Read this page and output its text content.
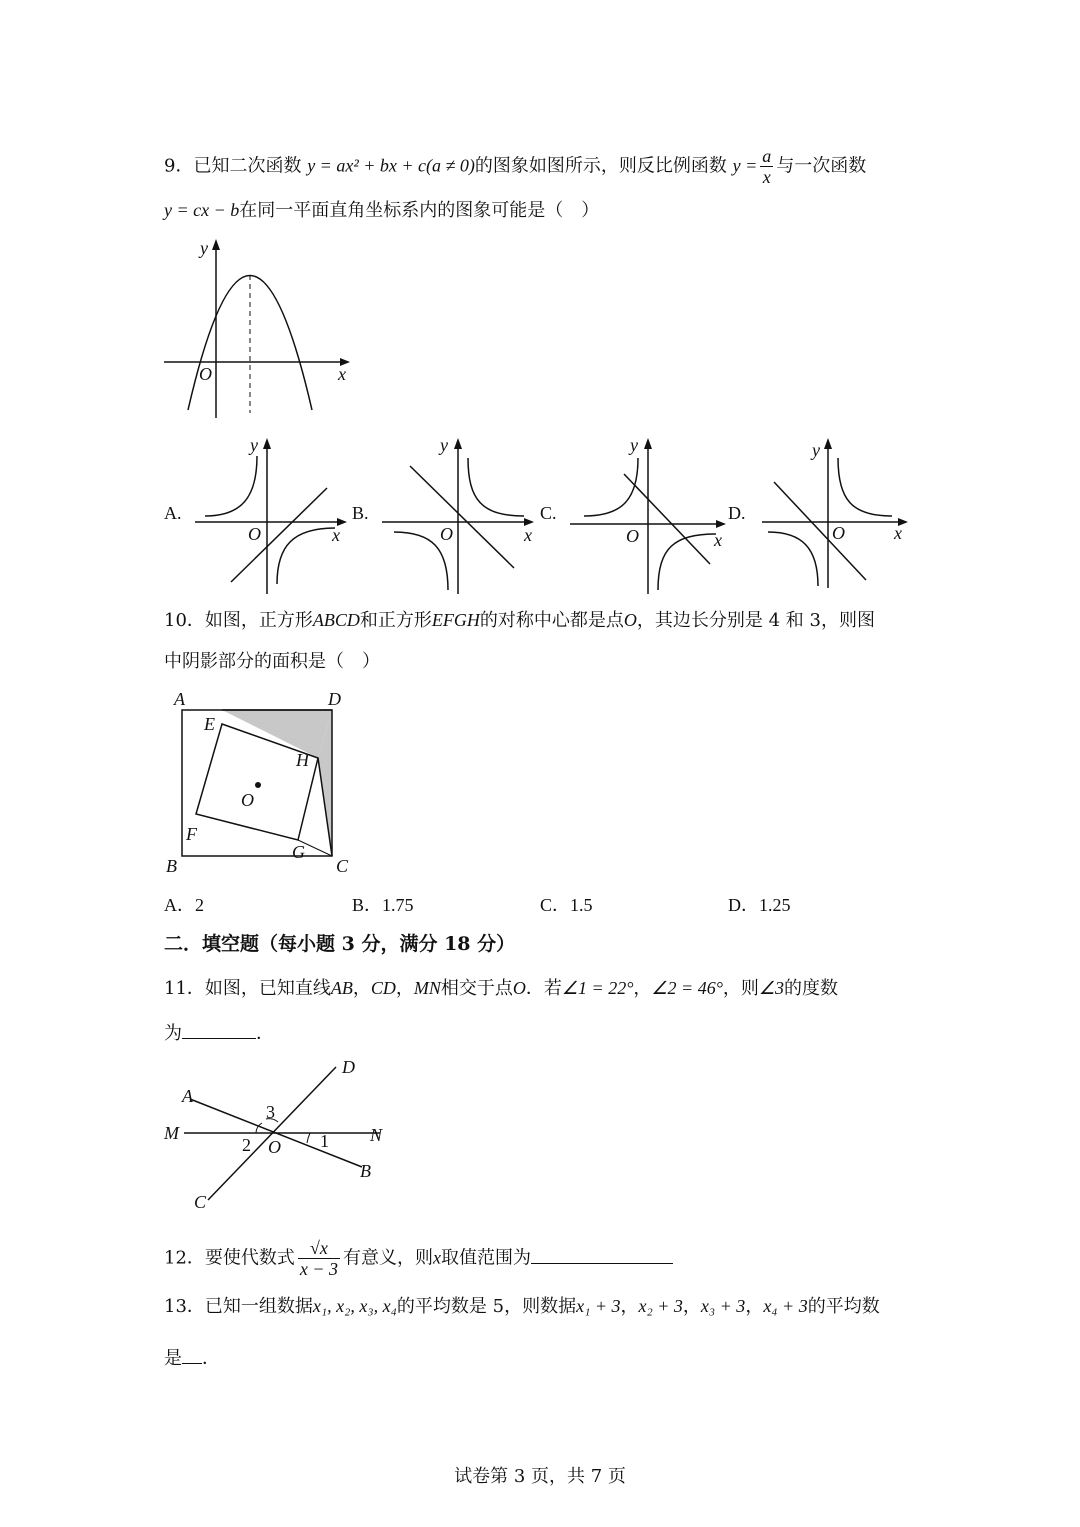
9．已知二次函数 y = ax² + bx + c(a ≠ 0)的图象如图所示，则反比例函数 $y = \frac{a}{x}$ 与一次函数
y = cx − b在同一平面直角坐标系内的图象可能是（　）
y
x
O
A.	B.	C.	D.
y
x
O
y
x
O
y
x
O
y
x
O
10．如图，正方形ABCD和正方形EFGH的对称中心都是点O，其边长分别是 4 和 3，则图
中阴影部分的面积是（　）
A	D
B	C
E
F
G
H
O
A．2	B．1.75	C．1.5	D．1.25
二．填空题（每小题 3 分，满分 18 分）
11．如图，已知直线AB，CD，MN相交于点O．若∠1 = 22°，∠2 = 46°，则∠3的度数
为	．
A
D
M	N
B
C
O
3
2	1
12．要使代数式 $\frac{√x}{x - 3}$ 有意义，则x取值范围为
13．已知一组数据x₁, x₂, x₃, x₄的平均数是 5，则数据x₁ + 3，x₂ + 3，x₃ + 3，x₄ + 3的平均数
是 ．
试卷第 3 页，共 7 页
